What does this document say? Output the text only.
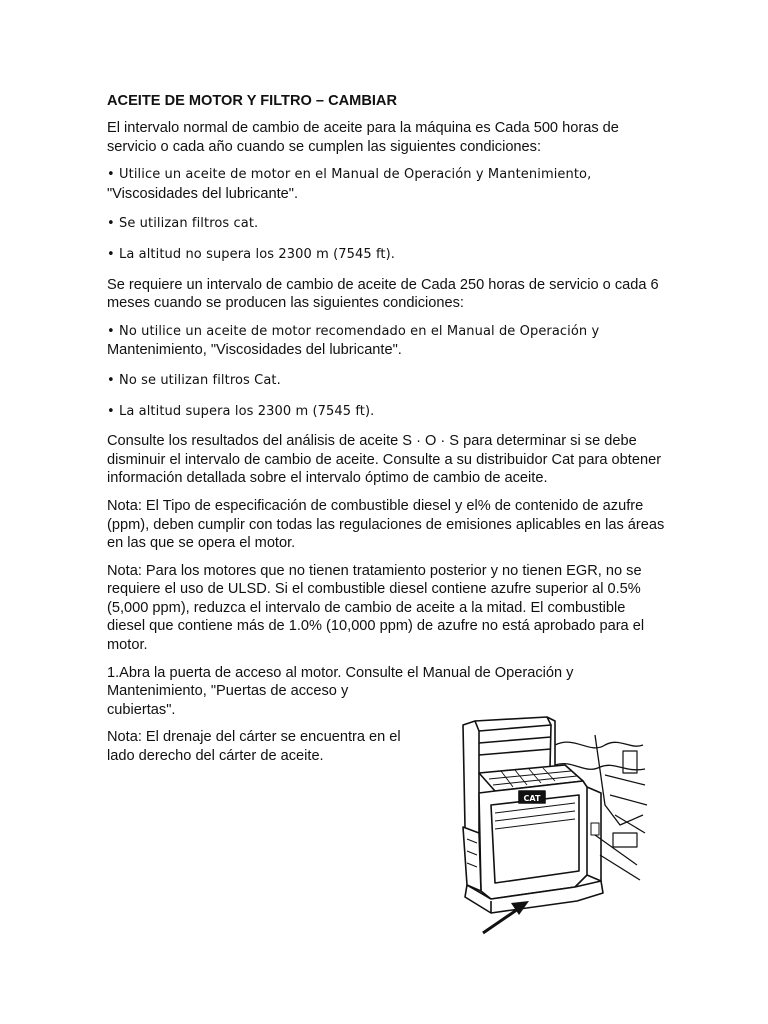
ACEITE DE MOTOR Y FILTRO – CAMBIAR

El intervalo normal de cambio de aceite para la máquina es Cada 500 horas de servicio o cada año cuando se cumplen las siguientes condiciones:

• Utilice un aceite de motor en el Manual de Operación y Mantenimiento,
"Viscosidades del lubricante".
• Se utilizan filtros cat.
• La altitud no supera los 2300 m (7545 ft).

Se requiere un intervalo de cambio de aceite de Cada 250 horas de servicio o cada 6 meses cuando se producen las siguientes condiciones:

• No utilice un aceite de motor recomendado en el Manual de Operación y
Mantenimiento, "Viscosidades del lubricante".
• No se utilizan filtros Cat.
• La altitud supera los 2300 m (7545 ft).

Consulte los resultados del análisis de aceite S · O · S para determinar si se debe disminuir el intervalo de cambio de aceite. Consulte a su distribuidor Cat para obtener información detallada sobre el intervalo óptimo de cambio de aceite.

Nota: El Tipo de especificación de combustible diesel y el% de contenido de azufre (ppm), deben cumplir con todas las regulaciones de emisiones aplicables en las áreas en las que se opera el motor.

Nota: Para los motores que no tienen tratamiento posterior y no tienen EGR, no se requiere el uso de ULSD. Si el combustible diesel contiene azufre superior al 0.5% (5,000 ppm), reduzca el intervalo de cambio de aceite a la mitad. El combustible diesel que contiene más de 1.0% (10,000 ppm) de azufre no está aprobado para el motor.

1.Abra la puerta de acceso al motor. Consulte el Manual de Operación y
Mantenimiento, "Puertas de acceso y cubiertas".

Nota: El drenaje del cárter se encuentra en el lado derecho del cárter de aceite.

CAT
